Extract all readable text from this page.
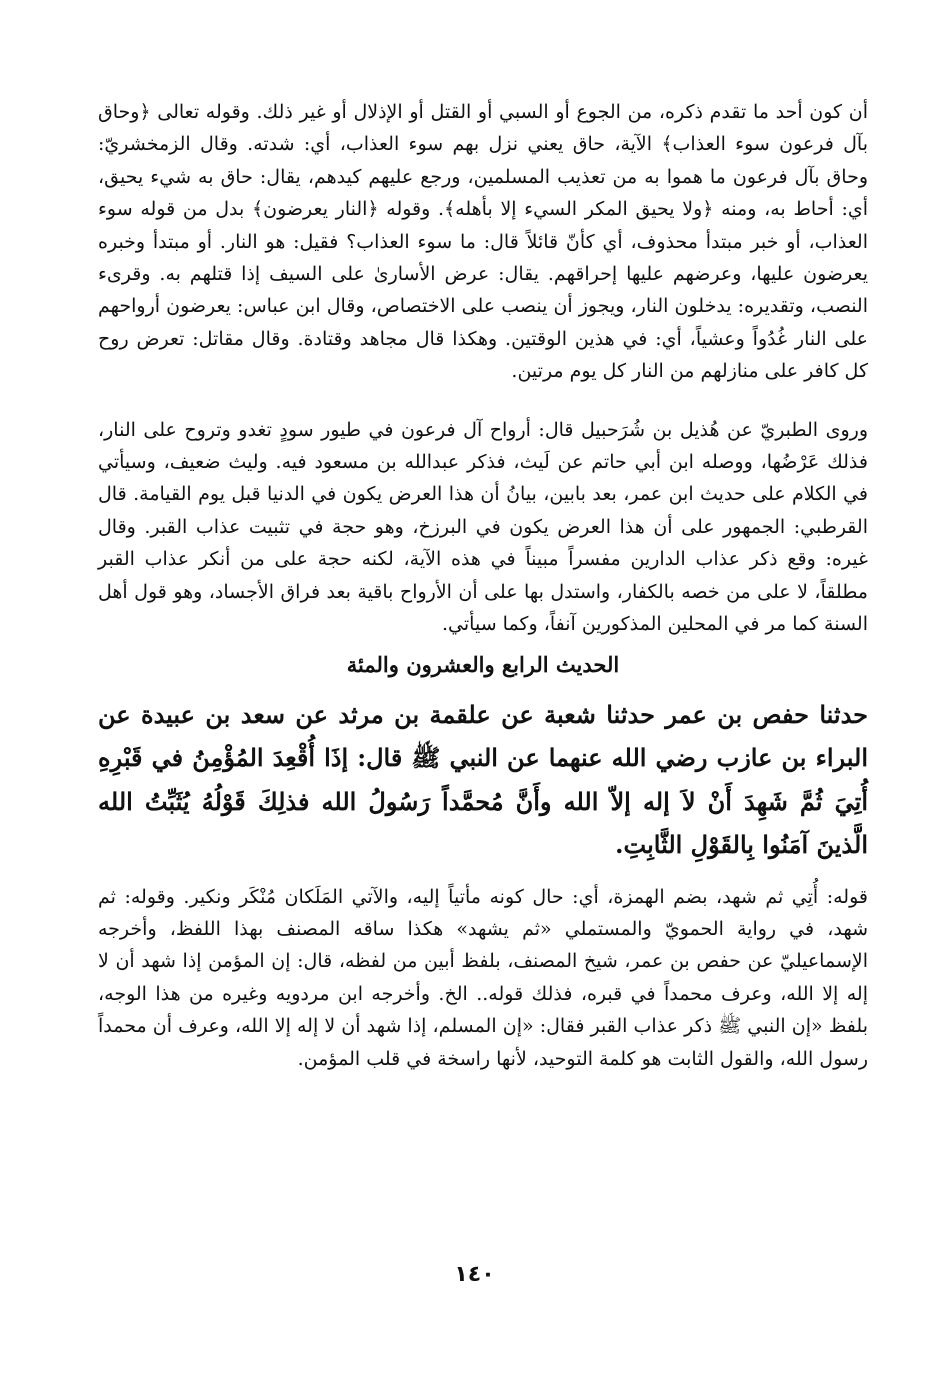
أن كون أحد ما تقدم ذكره، من الجوع أو السبي أو القتل أو الإذلال أو غير ذلك. وقوله تعالى ﴿وحاق بآل فرعون سوء العذاب﴾ الآية، حاق يعني نزل بهم سوء العذاب، أي: شدته. وقال الزمخشريّ: وحاق بآل فرعون ما هموا به من تعذيب المسلمين، ورجع عليهم كيدهم، يقال: حاق به شيء يحيق، أي: أحاط به، ومنه ﴿ولا يحيق المكر السيء إلا بأهله﴾. وقوله ﴿النار يعرضون﴾ بدل من قوله سوء العذاب، أو خبر مبتدأ محذوف، أي كأنّ قائلاً قال: ما سوء العذاب؟ فقيل: هو النار. أو مبتدأ وخبره يعرضون عليها، وعرضهم عليها إحراقهم. يقال: عرض الأسارىٰ على السيف إذا قتلهم به. وقرىء النصب، وتقديره: يدخلون النار، ويجوز أن ينصب على الاختصاص، وقال ابن عباس: يعرضون أرواحهم على النار غُدُواً وعشياً، أي: في هذين الوقتين. وهكذا قال مجاهد وقتادة. وقال مقاتل: تعرض روح كل كافر على منازلهم من النار كل يوم مرتين.

وروى الطبريّ عن هُذيل بن شُرَحبيل قال: أرواح آل فرعون في طيور سودٍ تغدو وتروح على النار، فذلك عَرْضُها، ووصله ابن أبي حاتم عن لَيث، فذكر عبدالله بن مسعود فيه. وليث ضعيف، وسيأتي في الكلام على حديث ابن عمر، بعد بابين، بيانُ أن هذا العرض يكون في الدنيا قبل يوم القيامة. قال القرطبي: الجمهور على أن هذا العرض يكون في البرزخ، وهو حجة في تثبيت عذاب القبر. وقال غيره: وقع ذكر عذاب الدارين مفسراً مبيناً في هذه الآية، لكنه حجة على من أنكر عذاب القبر مطلقاً، لا على من خصه بالكفار، واستدل بها على أن الأرواح باقية بعد فراق الأجساد، وهو قول أهل السنة كما مر في المحلين المذكورين آنفاً، وكما سيأتي.

الحديث الرابع والعشرون والمئة

حدثنا حفص بن عمر حدثنا شعبة عن علقمة بن مرثد عن سعد بن عبيدة عن البراء بن عازب رضي الله عنهما عن النبي ﷺ قال: إذَا أُقْعِدَ المُؤْمِنُ في قَبْرِهِ أُتِيَ ثُمَّ شَهِدَ أَنْ لاَ إله إلاّ الله وأَنَّ مُحمَّداً رَسُولُ الله فذلِكَ قَوْلُهُ يُثَبِّتُ الله الَّذينَ آمَنُوا بِالقَوْلِ الثَّابِتِ.

قوله: أُتِي ثم شهد، بضم الهمزة، أي: حال كونه مأتياً إليه، والآتي المَلَكان مُنْكَر ونكير. وقوله: ثم شهد، في رواية الحمويّ والمستملي «ثم يشهد» هكذا ساقه المصنف بهذا اللفظ، وأخرجه الإسماعيليّ عن حفص بن عمر، شيخ المصنف، بلفظ أبين من لفظه، قال: إن المؤمن إذا شهد أن لا إله إلا الله، وعرف محمداً في قبره، فذلك قوله.. الخ. وأخرجه ابن مردويه وغيره من هذا الوجه، بلفظ «إن النبي ﷺ ذكر عذاب القبر فقال: «إن المسلم، إذا شهد أن لا إله إلا الله، وعرف أن محمداً رسول الله، والقول الثابت هو كلمة التوحيد، لأنها راسخة في قلب المؤمن.

١٤٠
